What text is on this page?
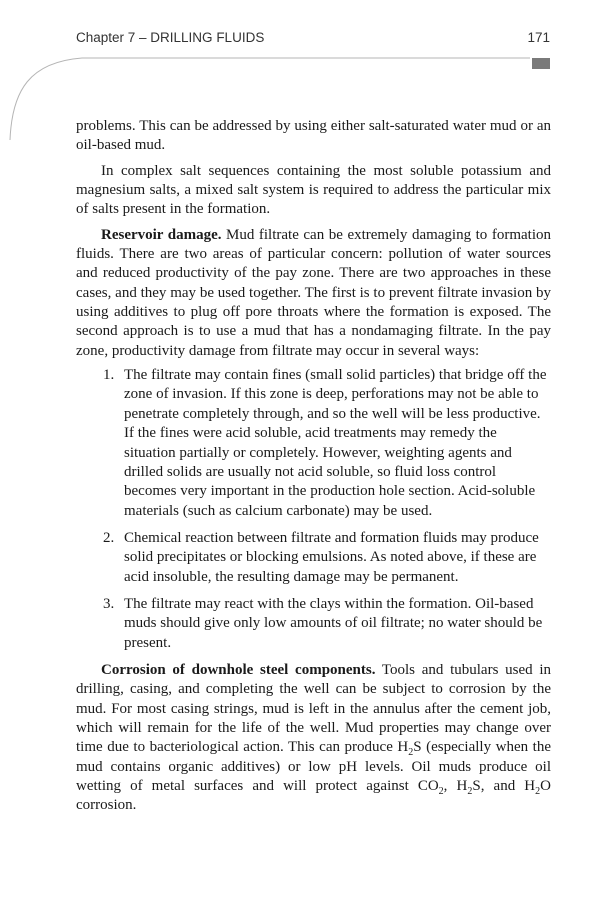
Chapter 7 – DRILLING FLUIDS	171

problems. This can be addressed by using either salt-saturated water mud or an oil-based mud.

In complex salt sequences containing the most soluble potassium and magnesium salts, a mixed salt system is required to address the particular mix of salts present in the formation.

Reservoir damage. Mud filtrate can be extremely damaging to formation fluids. There are two areas of particular concern: pollution of water sources and reduced productivity of the pay zone. There are two approaches in these cases, and they may be used together. The first is to prevent filtrate invasion by using additives to plug off pore throats where the formation is exposed. The second approach is to use a mud that has a nondamaging filtrate. In the pay zone, productivity damage from filtrate may occur in several ways:

1. The filtrate may contain fines (small solid particles) that bridge off the zone of invasion. If this zone is deep, perforations may not be able to penetrate completely through, and so the well will be less productive. If the fines were acid soluble, acid treatments may remedy the situation partially or completely. However, weighting agents and drilled solids are usually not acid soluble, so fluid loss control becomes very important in the production hole section. Acid-soluble materials (such as calcium carbonate) may be used.
2. Chemical reaction between filtrate and formation fluids may produce solid precipitates or blocking emulsions. As noted above, if these are acid insoluble, the resulting damage may be permanent.
3. The filtrate may react with the clays within the formation. Oil-based muds should give only low amounts of oil filtrate; no water should be present.

Corrosion of downhole steel components. Tools and tubulars used in drilling, casing, and completing the well can be subject to corrosion by the mud. For most casing strings, mud is left in the annulus after the cement job, which will remain for the life of the well. Mud properties may change over time due to bacteriological action. This can produce $H_2S$ (especially when the mud contains organic additives) or low pH levels. Oil muds produce oil wetting of metal surfaces and will protect against $CO_2$, $H_2S$, and $H_2O$ corrosion.
